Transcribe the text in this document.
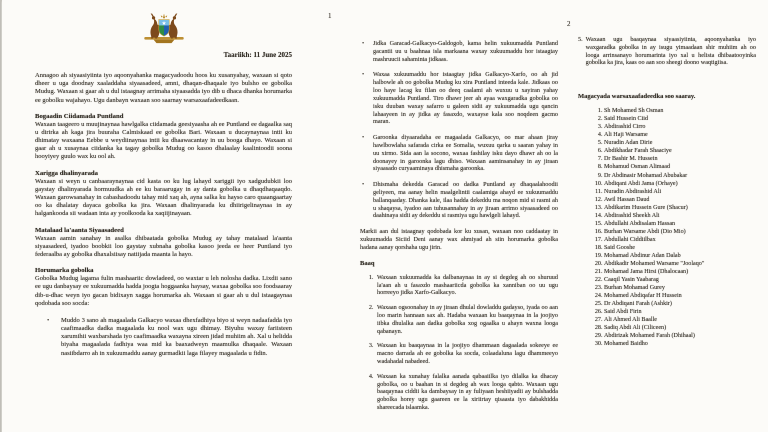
1
2
Taariikh: 11 June 2025

Annagoo ah siyaasiyiinta iyo aqoonyahanka magacyadoodu hoos ku xusanyahay, waxaan si qoto dheer u uga doodnay xaaladdaha siyaasadeed, amni, dhaqan-dhaqaale iyo bulsho ee gobolka Mudug. Waxaan si gaar ah u dul istaagnay arrimaha siyaasadda iyo dib u dhaca dhanka horumarka ee gobolku wajahayo. Ugu danbayn waxaan soo saarnay warsaxaafadeedkaan.

Bogaadin Ciidamada Puntland

Waxaan taageero u muujinaynaa hawlgalka ciidamada geesiyaasha ah ee Puntland ee dagaalka saq u dirirka ah kaga jira buuraha Calmiskaad ee gobolka Bari. Waxaan u ducaynaynaa intii ku dhimatay waxaana Eebbe u weydiinaynaa intii ku dhaawacantay in uu booga dhayo. Waxaan si gaar ah u xusaynaa ciidanka ka tagay gobolka Mudug oo kasoo dhalaalay kaalintoodii soona hooyiyey guulo wax ku ool ah.

Xarigga dhalinyarada

Waxaan si weyn u canbaaraynaynaa cid kasta oo ku lug lahayd xariggii iyo xadgudubkii loo gaystay dhalinyarada hormuudka ah ee ku baraarugay in ay danta gobolka u dhaqdhaqaaqdo. Waxaan garowsanahay in cabashadoodu tahay mid xaq ah, ayna salka ku hayso caro quaangaartay oo ka dhalatay dayaca gobolka ka jira. Waxaan dhalinyarada ku dhiirigelinaynaa in ay halgankooda sii wadaan inta ay yoolkooda ka xaqiijinayaan.

Matalaad la'aanta Siyaasadeed

Waxaan aamin sanahay in asalka dhibaatada gobolka Mudug ay tahay matalaad la'aanta siyaasadeed, iyadoo boobkii loo gaystay xubnaha gobolka kasoo jeeda ee heer Puntland iyo federaalba ay gobolka dhaxalsiisay natiijada maanta la hayo.

Horumarka gobolka

Gobolka Mudug lagama fulin mashaariic dowladeed, oo waxtar u leh nolosha dadka. Lixdii sano ee ugu danbaysay ee xukuumadda hadda joogta hoggaanka haysay, waxaa gobolka soo foodsaaray dib-u-dhac weyn iyo gacan bidixayn xagga horumarka ah. Waxaan si gaar ah u dul istaagaynaa qodobada soo socda:

• Muddo 3 sano ah magaalada Galkacyo waxaa dhexfadhiya biyo si weyn nadaafadda iyo caafimaadka dadka magaalada ku nool wax ugu dhimay. Biyuhu waxay fariisteen xarumihii waxbarshada iyo caafimaadka waxayna xireen jidad muhiim ah. Xal u helidda biyaha magaalada fadhiya waa mid ka baaxadweyn maamulka dhaqaale. Waxaan nasiibdarro ah in xukuumaddu aanay gurmadkii laga filayey magaalada u fidin.

• Jidka Garacad-Galkacyo-Galdogob, kama helin xukuumadda Puntland gacantii uu u baahnaa isla markaana waxay xukuumaddu hor istaagtay mashruucii sahaminta jidkaas.

• Waxaa xukuumaddu hor istaagtay jidka Galkacyo-Xarfo, oo ah jid halbowle ah oo gobolka Mudug ku xira Puntland inteeda kale. Jidkaas oo loo haye lacag ku filan oo deeq caalami ah wuxuu u xayiran yahay xukuumadda Puntland. Tiro dhawr jeer ah ayaa waxgaradka gobolka oo isku duuban waxay safarro u galeen sidii ay xukuumadda ugu qancin lahaayeen in ay jidka ay fasaxdo, waxayse kala soo noqdeen gacmo maran.

• Garoonka diyaaradaha ee magaalada Galkacyo, oo mar ahaan jiray hawlbowlaha safarada cirka ee Somalia, wuxuu qarka u saaran yahay in uu xirmo. Sida aan la socono, waxaa fashilay isku dayo dhawr ah oo la doonayey in garoonka lagu dhiso. Waxaan aaminsanahay in ay jiraan siyaasado curyaaminaya dhismaha garoonka.

• Dhismaha dekedda Garacad oo dadka Puntland ay dhaqaalahoodii geliyeen, ma aanay helin maalgelintii caalamiga ahayd ee xukuumaddu ballanqaaday. Dhanka kale, ilaa hadda dekeddu ma noqon mid si rasmi ah u shaqaysa, iyadoo aan tuhusannahay in ay jiraan arrimo siyaasadeed oo daahinaya sidii ay dekeddu si rasmiya ugu hawlgeli lahayd.

Markii aan dul istaagnay qodobada kor ku xusan, waxaan noo caddaatay in xukuumadda Siciid Deni aanay wax ahmiyad ah siin horumarka gobolka hadana aanay qorshaha ugu jirin.

Baaq
1. Waxaan xukuumadda ka dalbanaynaa in ay si degdeg ah oo shuruud la'aan ah u fasaxdo mashaariicda gobolka ka xanniban oo uu ugu horreeyo jidka Xarfo-Galkacyo.
2. Waxaan ogsoonahay in ay jiraan dhulal dowladdu gadayso, iyada oo aan loo marin hannaan sax ah. Hadaba waxaan ku baaqaynaa in la joojiyo iibka dhulalka aan dadka gobolka xog ogaalka u ahayn waxna looga qabanayn.
3. Waxaan ku baaqaynaa in la joojiyo dhammaan dagaalada sokeeye ee macno darrada ah ee gobolka ka socda, colaadaluna lagu dhammeeyo wadahadal nabadeed.
4. Waxaan ka xunahay falalka aanada qabaaiilka iyo dilalka ka dhacay gobolka, oo u baahan in si degdeg ah wax looga qabto. Waxaan ugu baaqaynaa ciddii ka dambaysay in ay fuliyaan heshiiyadii ay bulshadda gobolka horey ugu gaareen ee la xiriirtay qisaasta iyo dabakhidda shareecada islaamka.
5. Waxaan ugu baaqaynaa siyaasiyiinta, aqoonyahanka iyo waxgaradka gobolka in ay isugu yimaadaan shir muhiim ah oo looga arrinsanayo horumarinta iyo xal u helista dhibaatooyinka gobolka ka jira, kaas oo aan soo sheegi doono waqtigiisa.

Magacyada warsaxaafadeedka soo saaray.
1. Sh Mohamed Sh Osman
2. Said Hussein Ciid
3. Abdirashid Cirro
4. Ali Haji Warsame
5. Nuradin Adan Dirie
6. Abdikhadar Farah Shaaciye
7. Dr Bashir M. Hussein
8. Mohamud Osman Alimaad
9. Dr Abdinasir Mohamad Abubakar
10. Abdiqani Abdi Jama (Orhaye)
11. Nuradin Abdirashid Ali
12. Awil Hassan Daud
13. Abdikarim Hussein Gure (Shacur)
14. Abdirashid Sheekh Ali
15. Abdullahi Abdisalam Hassan
16. Burhan Warsame Abdi (Dio Mio)
17. Abdullahi Ciddiilbax
18. Said Gooshe
19. Mohamad Abdinur Adan Dalab
20. Abdikadir Mohamed Warsame "Joolaqo"
21. Mohamad Jama Hirsi (Dhalocaan)
22. Caaqil Yasin Yaabarag
23. Burhan Mohamad Gurey
24. Mohamed Abdiqafar H Hussein
25. Dr Abdiqani Farah (Ashkir)
26. Said Abdi Firin
27. Ali Ahmed Ali Baalle
28. Sadiq Abdi Ali (Ciliceen)
29. Abdirizak Mohamed Farah (Dhihaal)
30. Mohamed Baidho
